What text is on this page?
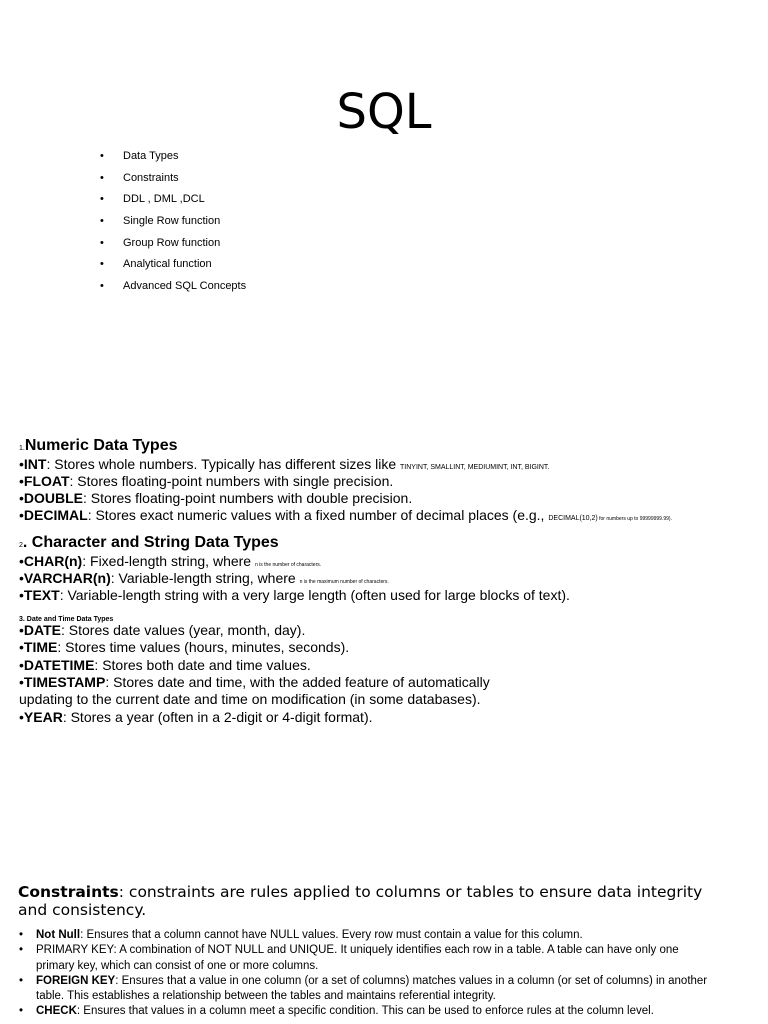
SQL
• Data Types
• Constraints
• DDL , DML ,DCL
• Single Row function
• Group Row function
• Analytical function
• Advanced SQL Concepts
1.Numeric Data Types
•INT: Stores whole numbers. Typically has different sizes like TINYINT, SMALLINT, MEDIUMINT, INT, BIGINT.
•FLOAT: Stores floating-point numbers with single precision.
•DOUBLE: Stores floating-point numbers with double precision.
•DECIMAL: Stores exact numeric values with a fixed number of decimal places (e.g., DECIMAL(10,2) for numbers up to 99999999.99).
2. Character and String Data Types
•CHAR(n): Fixed-length string, where n is the number of characters.
•VARCHAR(n): Variable-length string, where n is the maximum number of characters.
•TEXT: Variable-length string with a very large length (often used for large blocks of text).
3. Date and Time Data Types
•DATE: Stores date values (year, month, day).
•TIME: Stores time values (hours, minutes, seconds).
•DATETIME: Stores both date and time values.
•TIMESTAMP: Stores date and time, with the added feature of automatically
updating to the current date and time on modification (in some databases).
•YEAR: Stores a year (often in a 2-digit or 4-digit format).
Constraints: constraints are rules applied to columns or tables to ensure data integrity and consistency.
• Not Null: Ensures that a column cannot have NULL values. Every row must contain a value for this column.
• PRIMARY KEY: A combination of NOT NULL and UNIQUE. It uniquely identifies each row in a table. A table can have only one primary key, which can consist of one or more columns.
• FOREIGN KEY: Ensures that a value in one column (or a set of columns) matches values in a column (or set of columns) in another table. This establishes a relationship between the tables and maintains referential integrity.
• CHECK: Ensures that values in a column meet a specific condition. This can be used to enforce rules at the column level.
